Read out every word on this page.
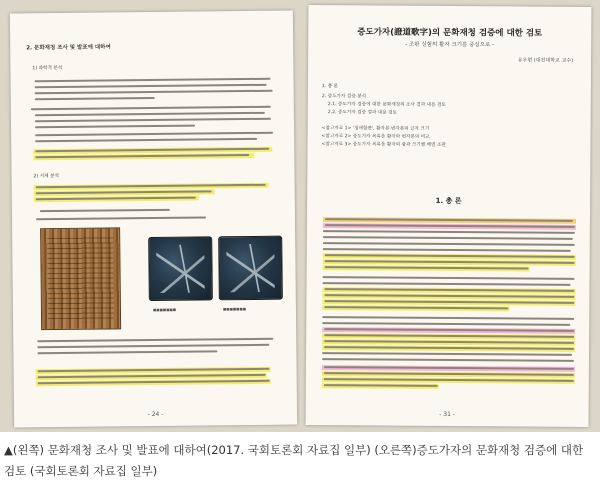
2. 문화재청 조사 및 발표에 대하여
1) 과학적 분석
2) 서체 분석
■■■■■■■	■■■■■■■
- 24 -
증도가자(證道歌字)의 문화재청 검증에 대한 검토
- 조판 실험의 활자 크기를 중심으로 -
유우현 (대진대학교 교수)
1. 총 론
2. 증도가자 검증 분석
2.1. 증도가자 검증에 대한 문화재청의 조사 결과 내용 검토
2.2. 증도가자 검증 결과 내용 검토
<참고자료 1> '청애합판', 활자본·번각본의 글자 크기
<참고자료 2> 증도가자 목록을 활자와 번각본의 비교
<참고자료 3> 증도가자 목록을 활자의 광곽 크기별 배열 조판
1. 총 론
- 31 -
▲(왼쪽) 문화재청 조사 및 발표에 대하여(2017. 국회토론회 자료집 일부) (오른쪽)증도가자의 문화재청 검증에 대한 검토 (국회토론회 자료집 일부)
